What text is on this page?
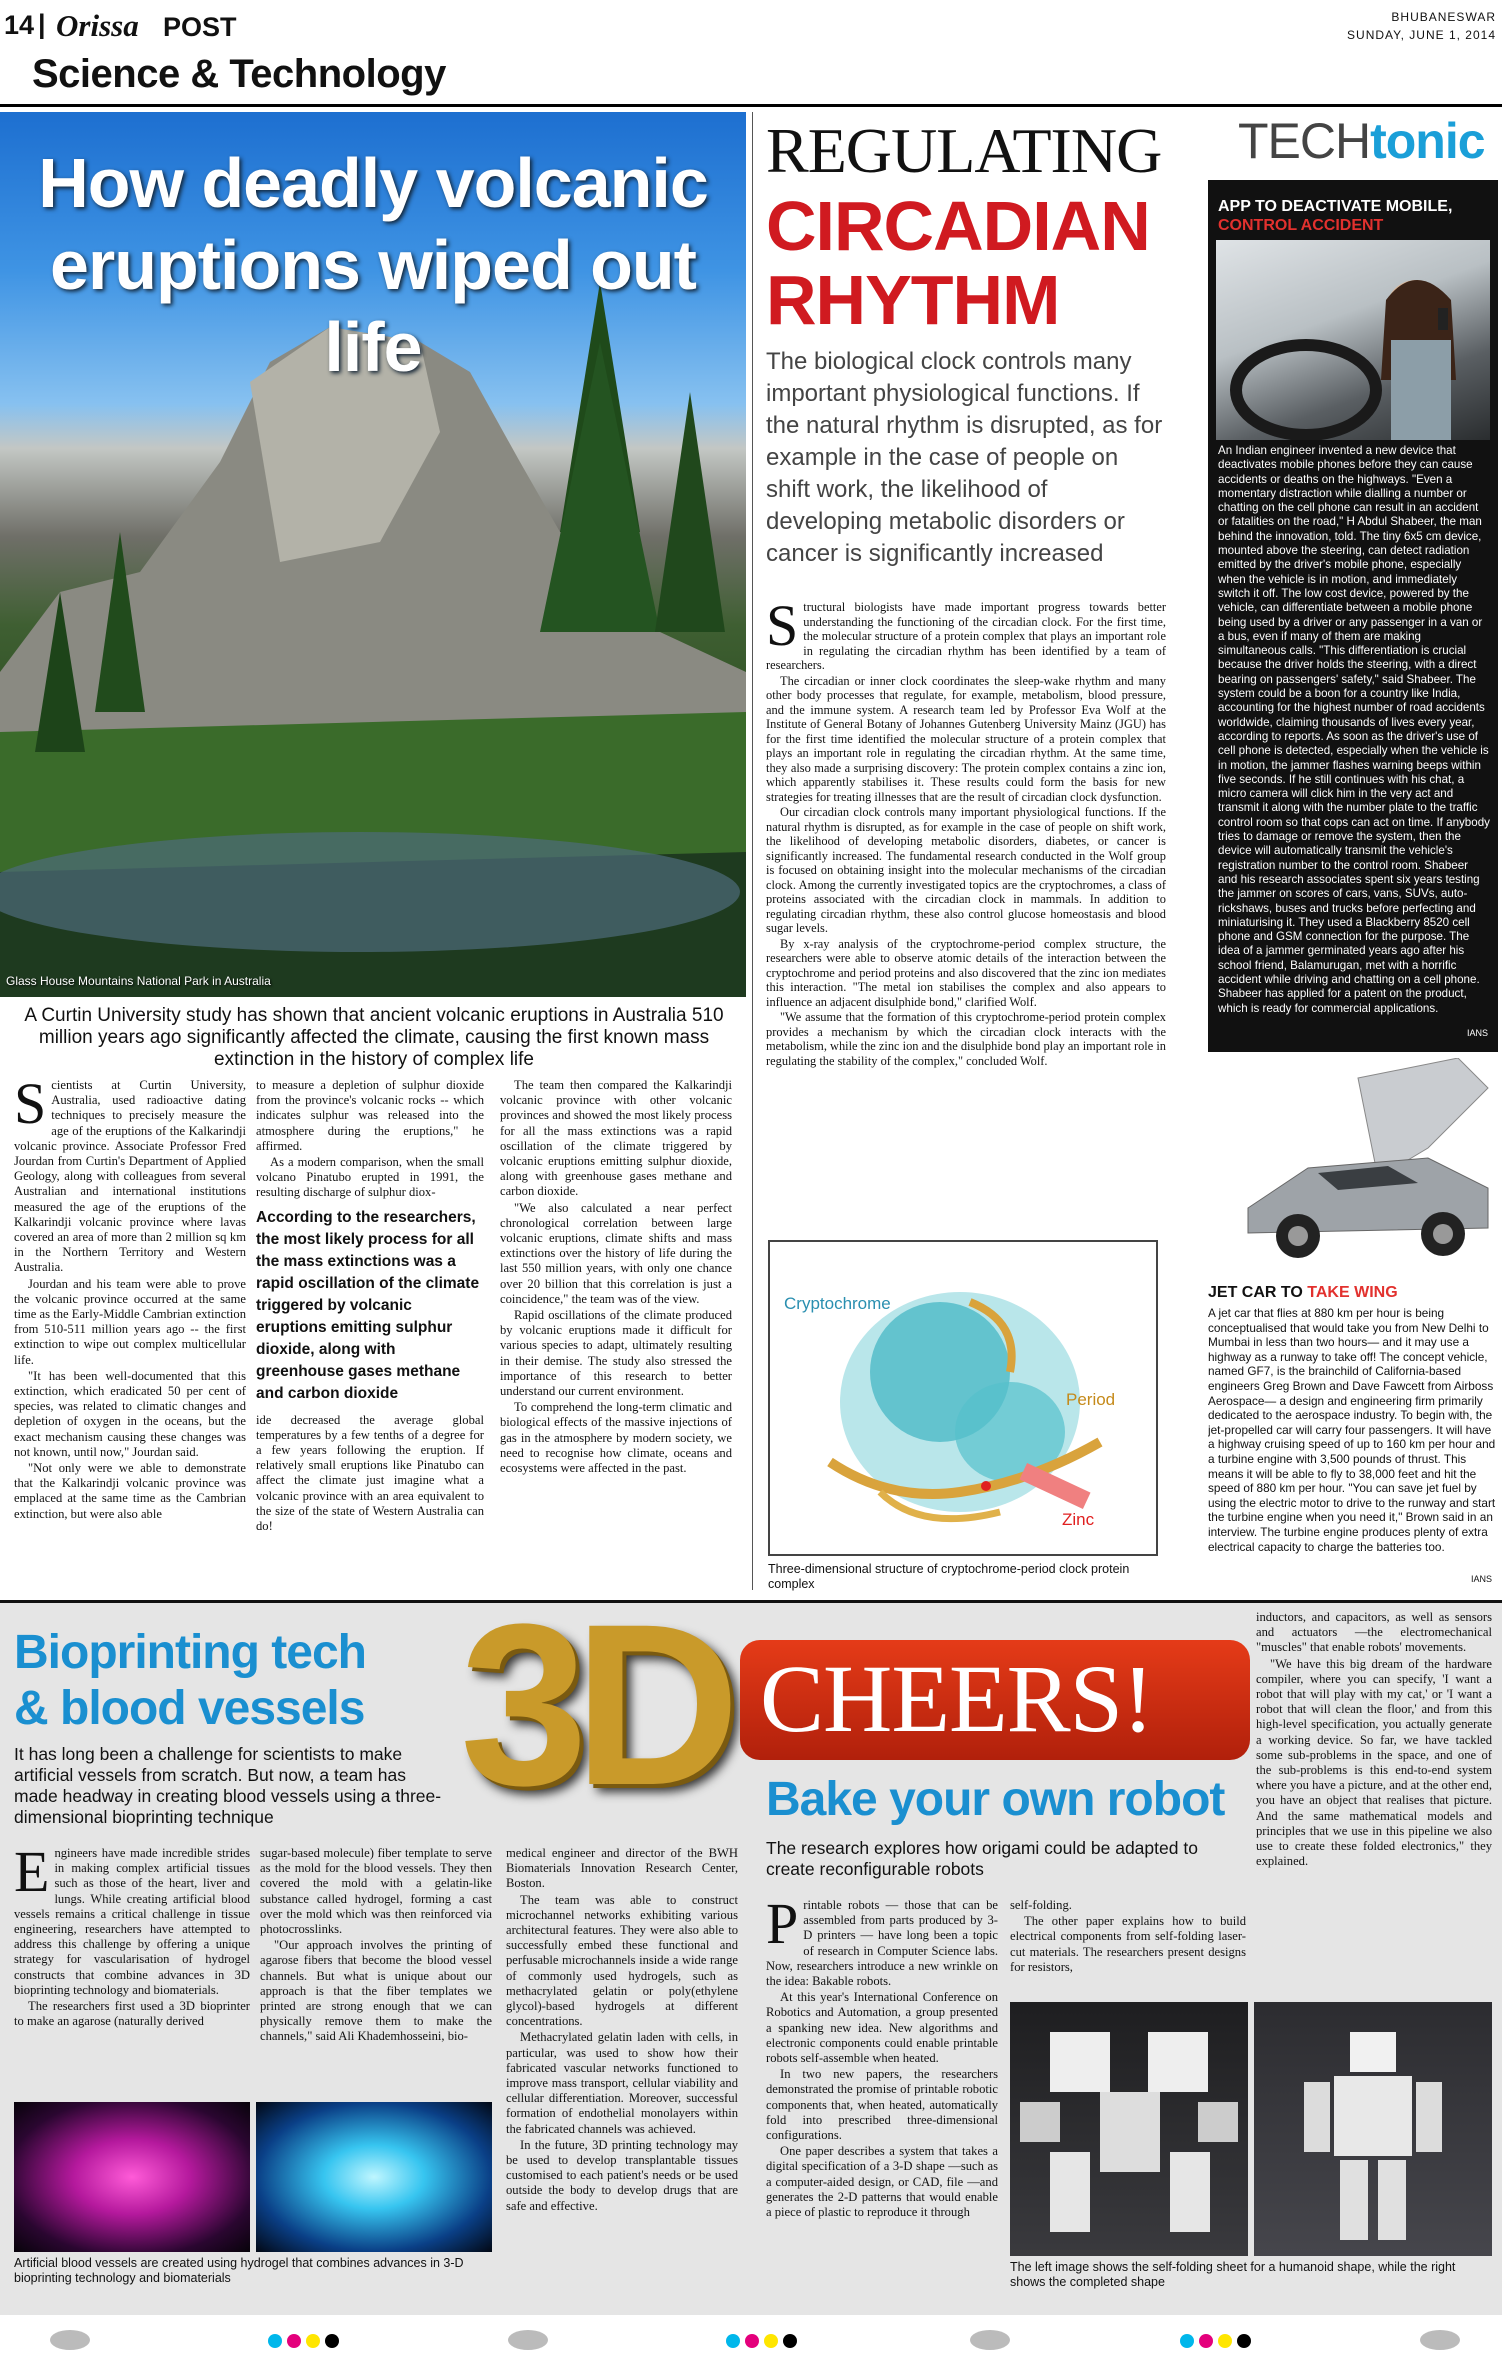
14 | Orissa POST	BHUBANESWAR
SUNDAY, JUNE 1, 2014
Science & Technology
How deadly volcanic eruptions wiped out life
Glass House Mountains National Park in Australia
A Curtin University study has shown that ancient volcanic eruptions in Australia 510 million years ago significantly affected the climate, causing the first known mass extinction in the history of complex life
S cientists at Curtin University, Australia, used radioactive dating techniques to precisely measure the age of the eruptions of the Kalkarindji volcanic province. Associate Professor Fred Jourdan from Curtin's Department of Applied Geology, along with colleagues from several Australian and international institutions measured the age of the eruptions of the Kalkarindji volcanic province where lavas covered an area of more than 2 million sq km in the Northern Territory and Western Australia.

Jourdan and his team were able to prove the volcanic province occurred at the same time as the Early-Middle Cambrian extinction from 510-511 million years ago -- the first extinction to wipe out complex multicellular life.

"It has been well-documented that this extinction, which eradicated 50 per cent of species, was related to climatic changes and depletion of oxygen in the oceans, but the exact mechanism causing these changes was not known, until now," Jourdan said.

"Not only were we able to demonstrate that the Kalkarindji volcanic province was emplaced at the same time as the Cambrian extinction, but were also able

to measure a depletion of sulphur dioxide from the province's volcanic rocks -- which indicates sulphur was released into the atmosphere during the eruptions," he affirmed.

As a modern comparison, when the small volcano Pinatubo erupted in 1991, the resulting discharge of sulphur diox-

According to the researchers, the most likely process for all the mass extinctions was a rapid oscillation of the climate triggered by volcanic eruptions emitting sulphur dioxide, along with greenhouse gases methane and carbon dioxide

ide decreased the average global temperatures by a few tenths of a degree for a few years following the eruption. If relatively small eruptions like Pinatubo can affect the climate just imagine what a volcanic province with an area equivalent to the size of the state of Western Australia can do!

The team then compared the Kalkarindji volcanic province with other volcanic provinces and showed the most likely process for all the mass extinctions was a rapid oscillation of the climate triggered by volcanic eruptions emitting sulphur dioxide, along with greenhouse gases methane and carbon dioxide.

"We also calculated a near perfect chronological correlation between large volcanic eruptions, climate shifts and mass extinctions over the history of life during the last 550 million years, with only one chance over 20 billion that this correlation is just a coincidence," the team was of the view.

Rapid oscillations of the climate produced by volcanic eruptions made it difficult for various species to adapt, ultimately resulting in their demise. The study also stressed the importance of this research to better understand our current environment.

To comprehend the long-term climatic and biological effects of the massive injections of gas in the atmosphere by modern society, we need to recognise how climate, oceans and ecosystems were affected in the past.

REGULATING
CIRCADIAN
RHYTHM
The biological clock controls many important physiological functions. If the natural rhythm is disrupted, as for example in the case of people on shift work, the likelihood of developing metabolic disorders or cancer is significantly increased
S tructural biologists have made important progress towards better understanding the functioning of the circadian clock. For the first time, the molecular structure of a protein complex that plays an important role in regulating the circadian rhythm has been identified by a team of researchers.

The circadian or inner clock coordinates the sleep-wake rhythm and many other body processes that regulate, for example, metabolism, blood pressure, and the immune system. A research team led by Professor Eva Wolf at the Institute of General Botany of Johannes Gutenberg University Mainz (JGU) has for the first time identified the molecular structure of a protein complex that plays an important role in regulating the circadian rhythm. At the same time, they also made a surprising discovery: The protein complex contains a zinc ion, which apparently stabilises it. These results could form the basis for new strategies for treating illnesses that are the result of circadian clock dysfunction.

Our circadian clock controls many important physiological functions. If the natural rhythm is disrupted, as for example in the case of people on shift work, the likelihood of developing metabolic disorders, diabetes, or cancer is significantly increased. The fundamental research conducted in the Wolf group is focused on obtaining insight into the molecular mechanisms of the circadian clock. Among the currently investigated topics are the cryptochromes, a class of proteins associated with the circadian clock in mammals. In addition to regulating circadian rhythm, these also control glucose homeostasis and blood sugar levels.

By x-ray analysis of the cryptochrome-period complex structure, the researchers were able to observe atomic details of the interaction between the cryptochrome and period proteins and also discovered that the zinc ion mediates this interaction. "The metal ion stabilises the complex and also appears to influence an adjacent disulphide bond," clarified Wolf.

"We assume that the formation of this cryptochrome-period protein complex provides a mechanism by which the circadian clock interacts with the metabolism, while the zinc ion and the disulphide bond play an important role in regulating the stability of the complex," concluded Wolf.

Cryptochrome
Period
Zinc
Three-dimensional structure of cryptochrome-period clock protein complex
TECHtonic
APP TO DEACTIVATE MOBILE,
CONTROL ACCIDENT
An Indian engineer invented a new device that deactivates mobile phones before they can cause accidents or deaths on the highways. "Even a momentary distraction while dialling a number or chatting on the cell phone can result in an accident or fatalities on the road," H Abdul Shabeer, the man behind the innovation, told. The tiny 6x5 cm device, mounted above the steering, can detect radiation emitted by the driver's mobile phone, especially when the vehicle is in motion, and immediately switch it off. The low cost device, powered by the vehicle, can differentiate between a mobile phone being used by a driver or any passenger in a van or a bus, even if many of them are making simultaneous calls. "This differentiation is crucial because the driver holds the steering, with a direct bearing on passengers' safety," said Shabeer. The system could be a boon for a country like India, accounting for the highest number of road accidents worldwide, claiming thousands of lives every year, according to reports. As soon as the driver's use of cell phone is detected, especially when the vehicle is in motion, the jammer flashes warning beeps within five seconds. If he still continues with his chat, a micro camera will click him in the very act and transmit it along with the number plate to the traffic control room so that cops can act on time. If anybody tries to damage or remove the system, then the device will automatically transmit the vehicle's registration number to the control room. Shabeer and his research associates spent six years testing the jammer on scores of cars, vans, SUVs, auto-rickshaws, buses and trucks before perfecting and miniaturising it. They used a Blackberry 8520 cell phone and GSM connection for the purpose. The idea of a jammer germinated years ago after his school friend, Balamurugan, met with a horrific accident while driving and chatting on a cell phone. Shabeer has applied for a patent on the product, which is ready for commercial applications.
IANS
JET CAR TO TAKE WING
A jet car that flies at 880 km per hour is being conceptualised that would take you from New Delhi to Mumbai in less than two hours— and it may use a highway as a runway to take off! The concept vehicle, named GF7, is the brainchild of California-based engineers Greg Brown and Dave Fawcett from Airboss Aerospace— a design and engineering firm primarily dedicated to the aerospace industry. To begin with, the jet-propelled car will carry four passengers. It will have a highway cruising speed of up to 160 km per hour and a turbine engine with 3,500 pounds of thrust. This means it will be able to fly to 38,000 feet and hit the speed of 880 km per hour. "You can save jet fuel by using the electric motor to drive to the runway and start the turbine engine when you need it," Brown said in an interview. The turbine engine produces plenty of extra electrical capacity to charge the batteries too.
IANS
Bioprinting tech
& blood vessels
It has long been a challenge for scientists to make artificial vessels from scratch. But now, a team has made headway in creating blood vessels using a three-dimensional bioprinting technique
E ngineers have made incredible strides in making complex artificial tissues such as those of the heart, liver and lungs. While creating artificial blood vessels remains a critical challenge in tissue engineering, researchers have attempted to address this challenge by offering a unique strategy for vascularisation of hydrogel constructs that combine advances in 3D bioprinting technology and biomaterials.

The researchers first used a 3D bioprinter to make an agarose (naturally derived

sugar-based molecule) fiber template to serve as the mold for the blood vessels. They then covered the mold with a gelatin-like substance called hydrogel, forming a cast over the mold which was then reinforced via photocrosslinks.

"Our approach involves the printing of agarose fibers that become the blood vessel channels. But what is unique about our approach is that the fiber templates we printed are strong enough that we can physically remove them to make the channels," said Ali Khademhosseini, bio-

medical engineer and director of the BWH Biomaterials Innovation Research Center, Boston.

The team was able to construct microchannel networks exhibiting various architectural features. They were also able to successfully embed these functional and perfusable microchannels inside a wide range of commonly used hydrogels, such as methacrylated gelatin or poly(ethylene glycol)-based hydrogels at different concentrations.

Methacrylated gelatin laden with cells, in particular, was used to show how their fabricated vascular networks functioned to improve mass transport, cellular viability and cellular differentiation. Moreover, successful formation of endothelial monolayers within the fabricated channels was achieved.

In the future, 3D printing technology may be used to develop transplantable tissues customised to each patient's needs or be used outside the body to develop drugs that are safe and effective.

Artificial blood vessels are created using hydrogel that combines advances in 3-D bioprinting technology and biomaterials
3D CHEERS!
Bake your own robot
The research explores how origami could be adapted to create reconfigurable robots
P rintable robots — those that can be assembled from parts produced by 3-D printers — have long been a topic of research in Computer Science labs. Now, researchers introduce a new wrinkle on the idea: Bakable robots.

At this year's International Conference on Robotics and Automation, a group presented a spanking new idea. New algorithms and electronic components could enable printable robots self-assemble when heated.

In two new papers, the researchers demonstrated the promise of printable robotic components that, when heated, automatically fold into prescribed three-dimensional configurations.

One paper describes a system that takes a digital specification of a 3-D shape —such as a computer-aided design, or CAD, file —and generates the 2-D patterns that would enable a piece of plastic to reproduce it through

self-folding.

The other paper explains how to build electrical components from self-folding laser-cut materials. The researchers present designs for resistors,

inductors, and capacitors, as well as sensors and actuators —the electromechanical "muscles" that enable robots' movements.

"We have this big dream of the hardware compiler, where you can specify, 'I want a robot that will play with my cat,' or 'I want a robot that will clean the floor,' and from this high-level specification, you actually generate a working device. So far, we have tackled some sub-problems in the space, and one of the sub-problems is this end-to-end system where you have a picture, and at the other end, you have an object that realises that picture. And the same mathematical models and principles that we use in this pipeline we also use to create these folded electronics," they explained.

The left image shows the self-folding sheet for a humanoid shape, while the right shows the completed shape
